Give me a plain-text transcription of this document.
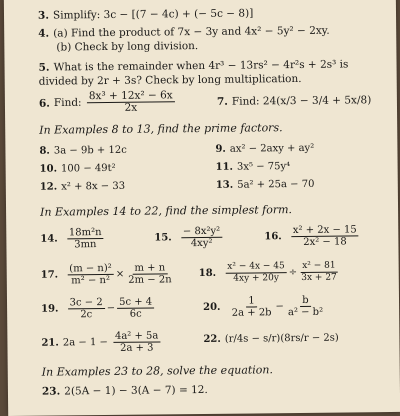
3. Simplify: 3c − [(7 − 4c) + (− 5c − 8)]
4. (a) Find the product of 7x − 3y and 4x² − 5y² − 2xy.
(b) Check by long division.
5. What is the remainder when 4r³ − 13rs² − 4r²s + 2s³ is
divided by 2r + 3s? Check by long multiplication.
6. Find: $\frac{\text{8x³ + 12x² − 6x}}{2x}$	7. Find: 24(x/3 − 3/4 + 5x/8)
In Examples 8 to 13, find the prime factors.
8. 3a − 9b + 12c	9. ax² − 2axy + ay²
10. 100 − 49t²	11. 3x⁵ − 75y⁴
12. x² + 8x − 33	13. 5a² + 25a − 70
In Examples 14 to 22, find the simplest form.
14. $\frac{\text{18m²n}}{3mn}$	15. $\frac{\text{− 8x²y²}}{\text{4xy²}}$	16. $\frac{\text{x² + 2x − 15}}{\text{2x² − 18}}$
17. $\frac{\text{(m − n)²}}{\text{m² − n²}} \times \frac{m + n}{2m - 2n} 18$. $\frac{\text{x² − 4x − 45}}{4xy + 20y} \div \frac{\text{x² − 81}}{3x + 27}$
19. $\frac{3c - 2}{2c} - \frac{5c + 4}{6c}$	20. $\frac{1}{2a + 2b} - \frac{b}{\text{a² − b²}}$
21. $2a - 1 - \frac{\text{4a² + 5a}}{2a + 3}$	22. (r/4s − s/r)(8rs/r − 2s)
In Examples 23 to 28, solve the equation.
23. 2(5A − 1) − 3(A − 7) = 12.
